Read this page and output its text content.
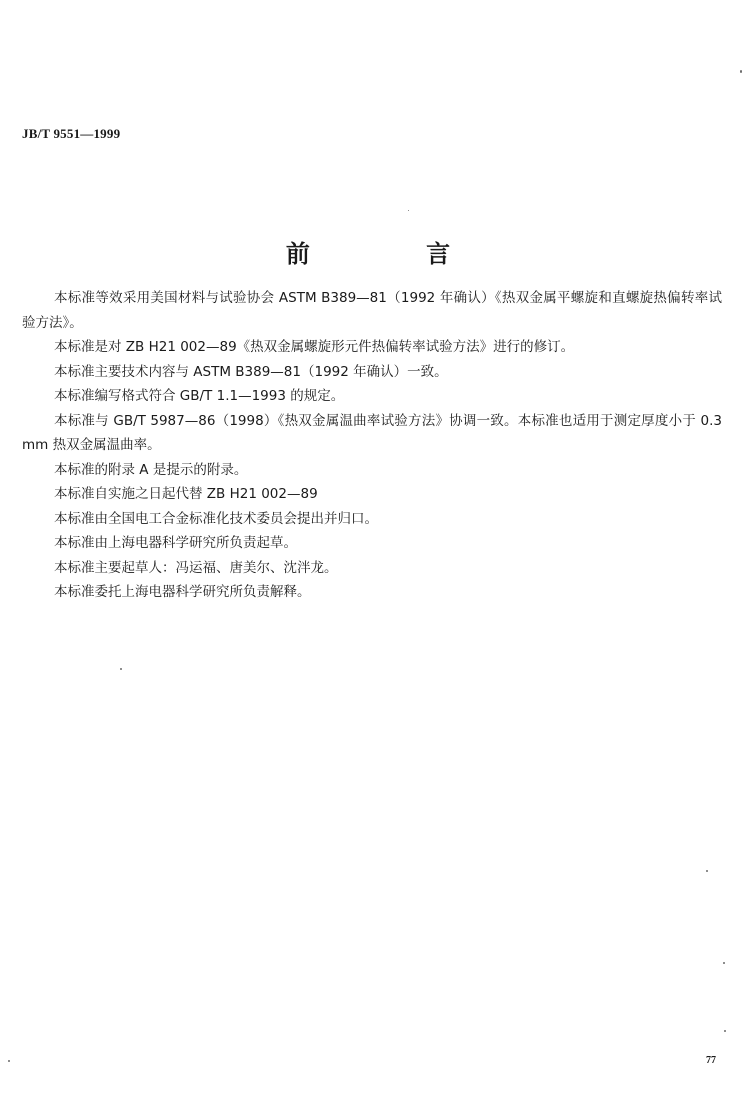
JB/T 9551—1999
前 言

本标准等效采用美国材料与试验协会 ASTM B389—81（1992 年确认）《热双金属平螺旋和直螺旋热偏转率试验方法》。

本标准是对 ZB H21 002—89《热双金属螺旋形元件热偏转率试验方法》进行的修订。

本标准主要技术内容与 ASTM B389—81（1992 年确认）一致。

本标准编写格式符合 GB/T 1.1—1993 的规定。

本标准与 GB/T 5987—86（1998）《热双金属温曲率试验方法》协调一致。本标准也适用于测定厚度小于 0.3 mm 热双金属温曲率。

本标准的附录 A 是提示的附录。

本标准自实施之日起代替 ZB H21 002—89

本标准由全国电工合金标准化技术委员会提出并归口。

本标准由上海电器科学研究所负责起草。

本标准主要起草人：冯运福、唐美尔、沈泮龙。

本标准委托上海电器科学研究所负责解释。

77
